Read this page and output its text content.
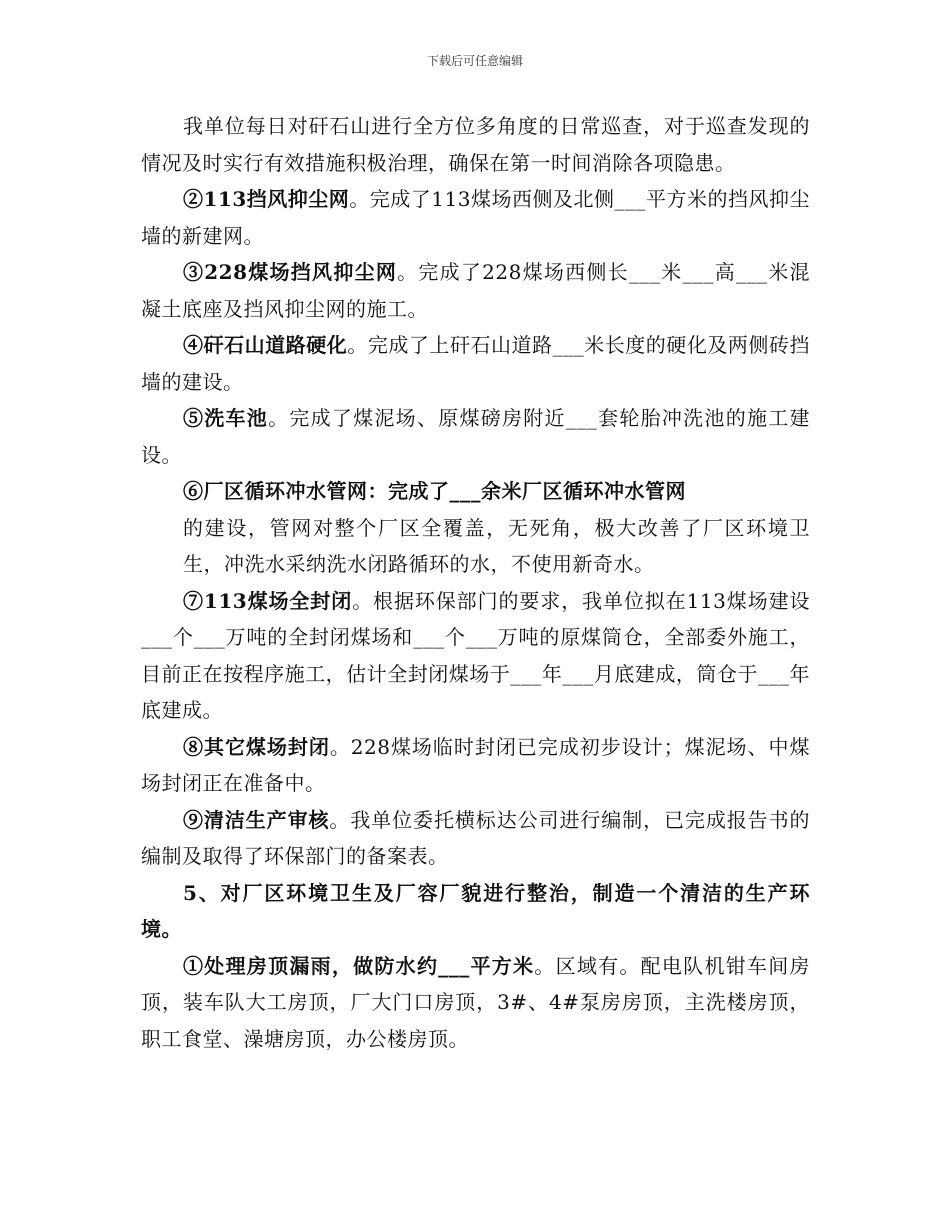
下载后可任意编辑

我单位每日对矸石山进行全方位多角度的日常巡查，对于巡查发现的情况及时实行有效措施积极治理，确保在第一时间消除各项隐患。

②113挡风抑尘网。完成了113煤场西侧及北侧___平方米的挡风抑尘墙的新建网。

③228煤场挡风抑尘网。完成了228煤场西侧长___米___高___米混凝土底座及挡风抑尘网的施工。

④矸石山道路硬化。完成了上矸石山道路___米长度的硬化及两侧砖挡墙的建设。

⑤洗车池。完成了煤泥场、原煤磅房附近___套轮胎冲洗池的施工建设。

⑥厂区循环冲水管网：完成了___余米厂区循环冲水管网

的建设，管网对整个厂区全覆盖，无死角，极大改善了厂区环境卫生，冲洗水采纳洗水闭路循环的水，不使用新奇水。

⑦113煤场全封闭。根据环保部门的要求，我单位拟在113煤场建设___个___万吨的全封闭煤场和___个___万吨的原煤筒仓，全部委外施工，目前正在按程序施工，估计全封闭煤场于___年___月底建成，筒仓于___年底建成。

⑧其它煤场封闭。228煤场临时封闭已完成初步设计；煤泥场、中煤场封闭正在准备中。

⑨清洁生产审核。我单位委托横标达公司进行编制，已完成报告书的编制及取得了环保部门的备案表。

5、对厂区环境卫生及厂容厂貌进行整治，制造一个清洁的生产环境。

①处理房顶漏雨，做防水约___平方米。区域有。配电队机钳车间房顶，装车队大工房顶，厂大门口房顶，3#、4#泵房房顶，主洗楼房顶，职工食堂、澡塘房顶，办公楼房顶。
